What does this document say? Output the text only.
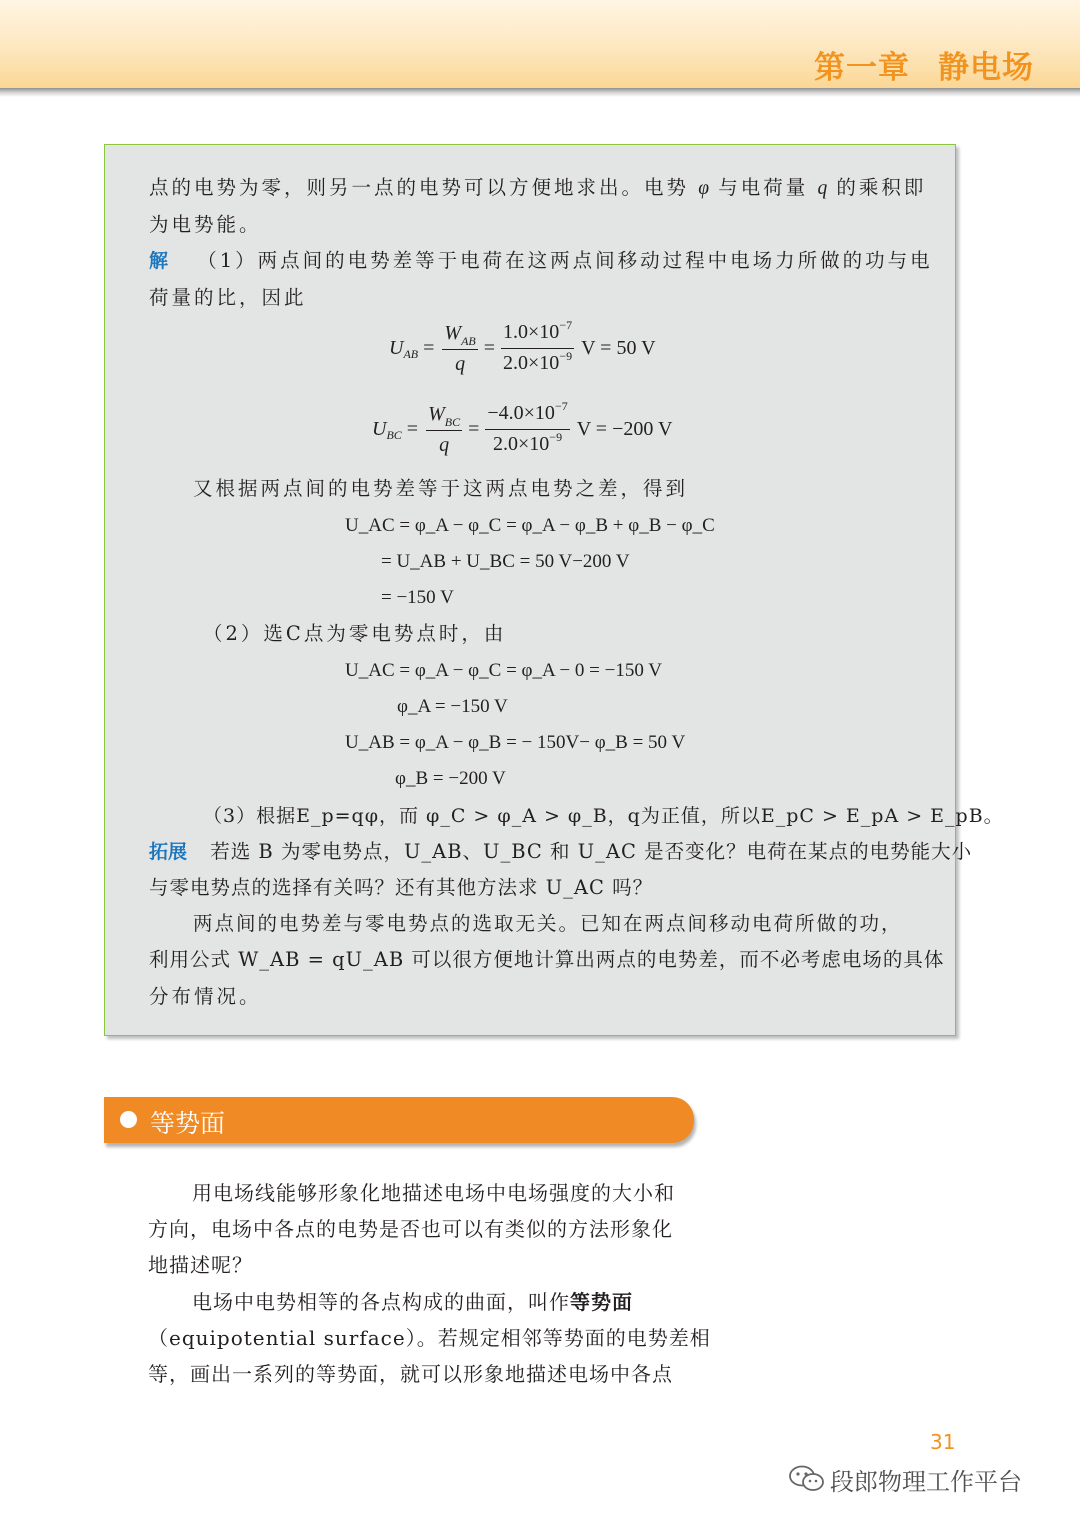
第一章 静电场
点的电势为零，则另一点的电势可以方便地求出。电势 φ 与电荷量 q 的乘积即
为电势能。
解 （1）两点间的电势差等于电荷在这两点间移动过程中电场力所做的功与电
荷量的比，因此
U AB = $\frac{W_{AB}}{q} = \frac{1.0\times 10^{-7}}{2.0\times 10^{-9}}$ V = 50 V
U BC = $\frac{W_{BC}}{q} = \frac{-4.0\times 10^{-7}}{2.0\times 10^{-9}}$ V = −200 V
又根据两点间的电势差等于这两点电势之差，得到
U_AC = φ_A − φ_C = φ_A − φ_B + φ_B − φ_C
= U_AB + U_BC = 50 V−200 V
= −150 V
（2）选C点为零电势点时，由
U_AC = φ_A − φ_C = φ_A − 0 = −150 V
φ_A = −150 V
U_AB = φ_A − φ_B = − 150V− φ_B = 50 V
φ_B = −200 V
（3）根据E_p=qφ，而 φ_C > φ_A > φ_B，q为正值，所以E_pC > E_pA > E_pB。
拓展 若选 B 为零电势点，U_AB、U_BC 和 U_AC 是否变化？电荷在某点的电势能大小
与零电势点的选择有关吗？还有其他方法求 U_AC 吗？
两点间的电势差与零电势点的选取无关。已知在两点间移动电荷所做的功，
利用公式 W_AB = qU_AB 可以很方便地计算出两点的电势差，而不必考虑电场的具体
分布情况。
等势面
用电场线能够形象化地描述电场中电场强度的大小和
方向，电场中各点的电势是否也可以有类似的方法形象化
地描述呢？
电场中电势相等的各点构成的曲面，叫作等势面
（equipotential surface）。若规定相邻等势面的电势差相
等，画出一系列的等势面，就可以形象地描述电场中各点
31
段郎物理工作平台
